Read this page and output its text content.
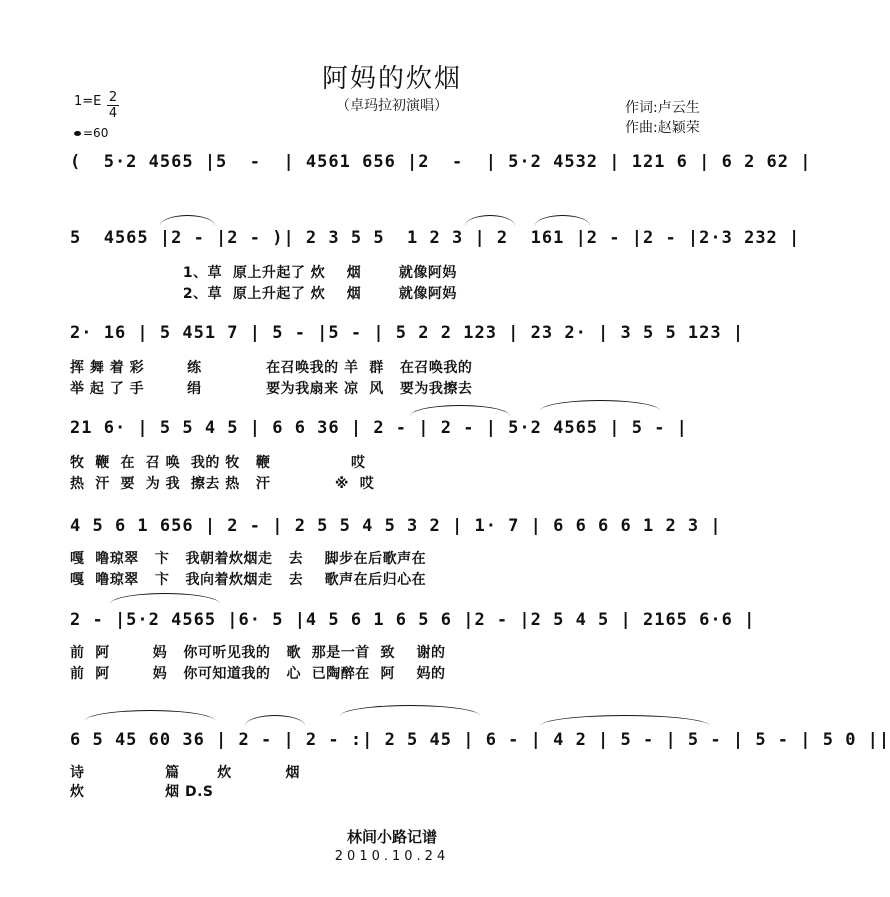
阿妈的炊烟
（卓玛拉初演唱）	作词:卢云生
作曲:赵颖荣
1=E 2
4
=60
(  5·2 4565 |5  -  | 4561 656 |2  -  | 5·2 4532 | 121 6 | 6 2 62 |
5  4565 |2 - |2 - )| 2 3 5 5  1 2 3 | 2  161 |2 - |2 - |2·3 232 |
1、草  原上升起了 炊    烟       就像阿妈
2、草  原上升起了 炊    烟       就像阿妈
2· 16 | 5 451 7 | 5 - |5 - | 5 2 2 123 | 23 2· | 3 5 5 123 |
挥 舞 着 彩        练            在召唤我的 羊  群   在召唤我的
举 起 了 手        绢            要为我扇来 凉  风   要为我擦去
21 6· | 5 5 4 5 | 6 6 36 | 2 - | 2 - | 5·2 4565 | 5 - |
牧  鞭  在  召 唤  我的 牧   鞭               哎
热  汗  要  为 我  擦去 热   汗            ※  哎
4 5 6 1 656 | 2 - | 2 5 5 4 5 3 2 | 1· 7 | 6 6 6 6 1 2 3 |
嘎  噜琼翠   卞   我朝着炊烟走   去    脚步在后歌声在
嘎  噜琼翠   卞   我向着炊烟走   去    歌声在后归心在
2 - |5·2 4565 |6· 5 |4 5 6 1 6 5 6 |2 - |2 5 4 5 | 2165 6·6 |
前  阿        妈   你可听见我的   歌  那是一首  致    谢的
前  阿        妈   你可知道我的   心  已陶醉在  阿    妈的
6 5 45 60 36 | 2 - | 2 - :| 2 5 45 | 6 - | 4 2 | 5 - | 5 - | 5 - | 5 0 ||
诗               篇       炊          烟
炊               烟 D.S
林间小路记谱
2010.10.24
